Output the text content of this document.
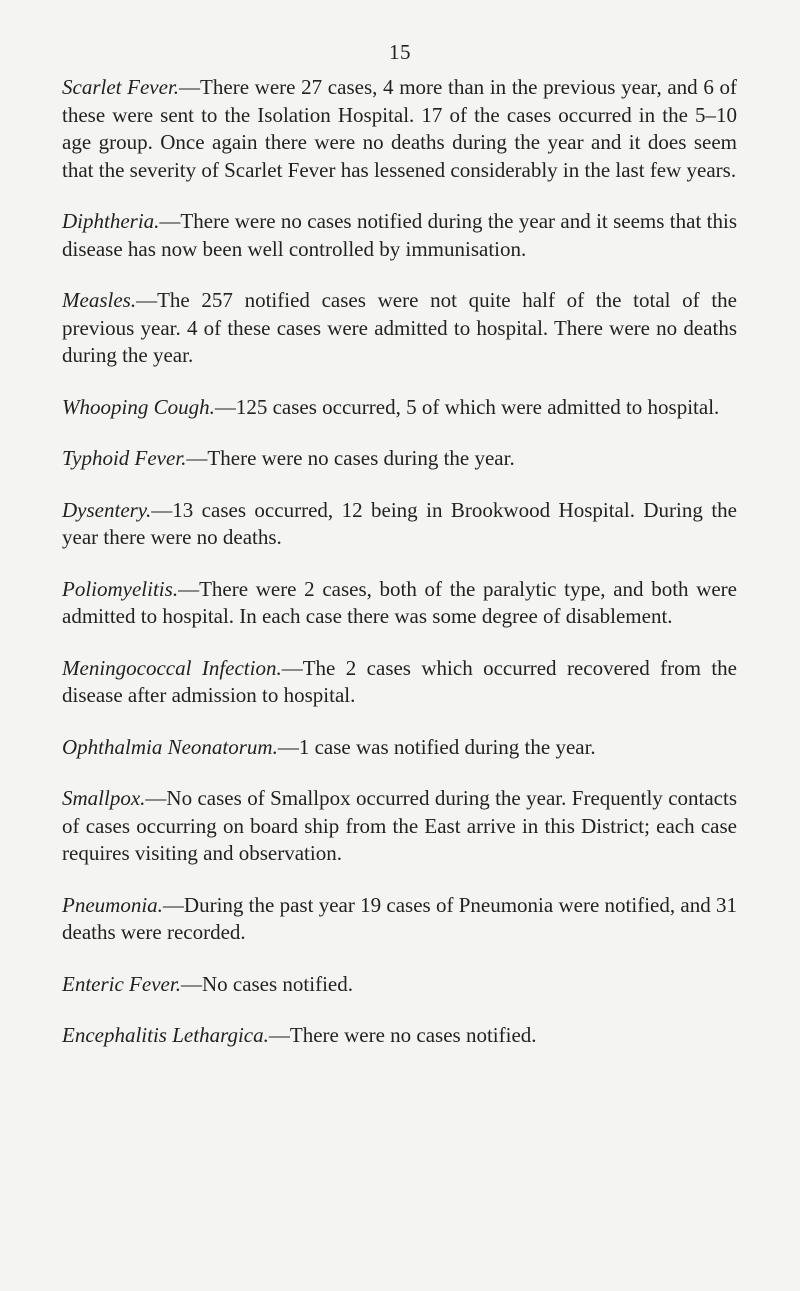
15

Scarlet Fever.—There were 27 cases, 4 more than in the previous year, and 6 of these were sent to the Isolation Hospital. 17 of the cases occurred in the 5–10 age group. Once again there were no deaths during the year and it does seem that the severity of Scarlet Fever has lessened considerably in the last few years.

Diphtheria.—There were no cases notified during the year and it seems that this disease has now been well controlled by immunisation.

Measles.—The 257 notified cases were not quite half of the total of the previous year. 4 of these cases were admitted to hospital. There were no deaths during the year.

Whooping Cough.—125 cases occurred, 5 of which were admitted to hospital.

Typhoid Fever.—There were no cases during the year.

Dysentery.—13 cases occurred, 12 being in Brookwood Hospital. During the year there were no deaths.

Poliomyelitis.—There were 2 cases, both of the paralytic type, and both were admitted to hospital. In each case there was some degree of disablement.

Meningococcal Infection.—The 2 cases which occurred recovered from the disease after admission to hospital.

Ophthalmia Neonatorum.—1 case was notified during the year.

Smallpox.—No cases of Smallpox occurred during the year. Frequently contacts of cases occurring on board ship from the East arrive in this District; each case requires visiting and observation.

Pneumonia.—During the past year 19 cases of Pneumonia were notified, and 31 deaths were recorded.

Enteric Fever.—No cases notified.

Encephalitis Lethargica.—There were no cases notified.
